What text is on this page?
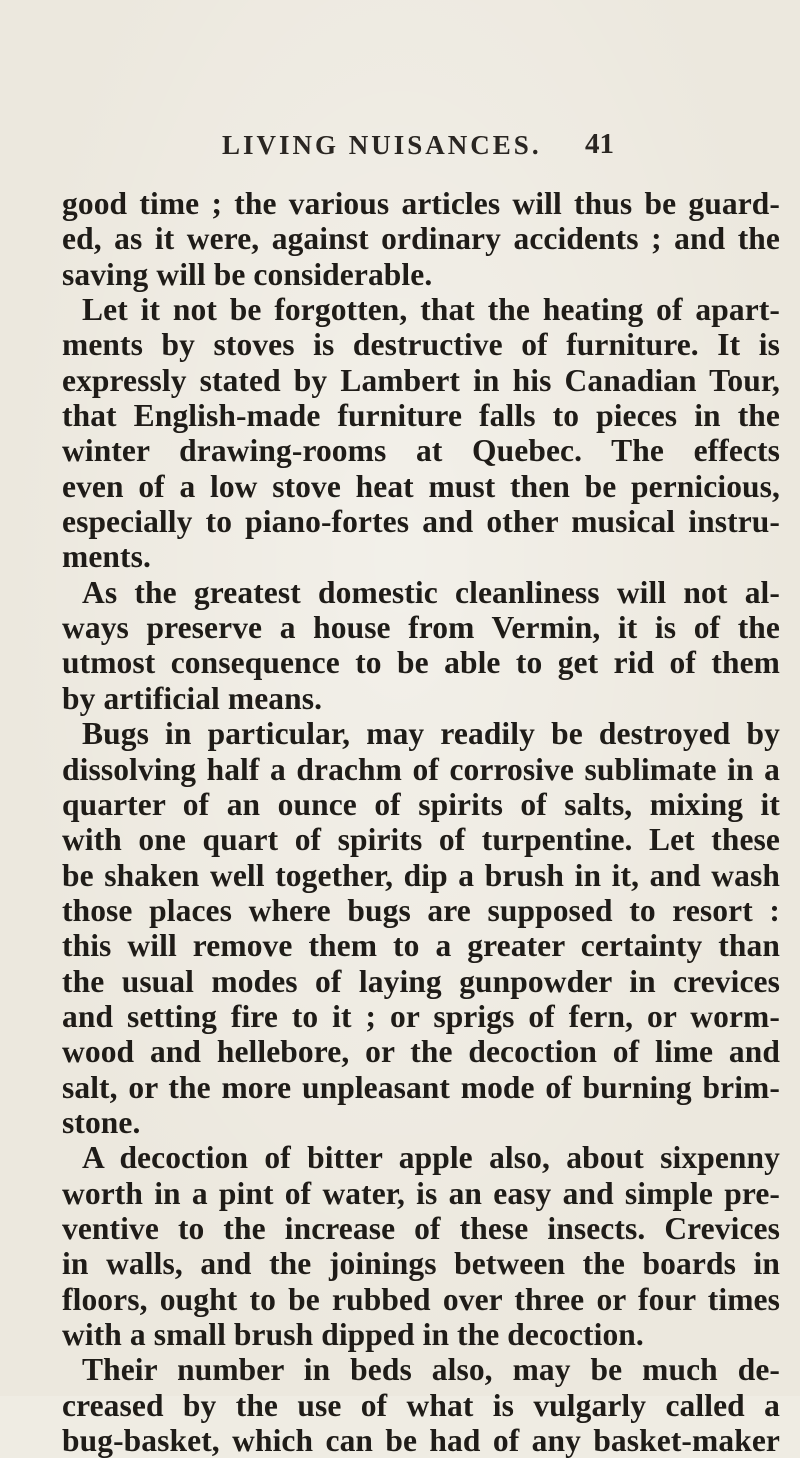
LIVING NUISANCES. 41
good time ; the various articles will thus be guard-
ed, as it were, against ordinary accidents ; and the
saving will be considerable.
Let it not be forgotten, that the heating of apart-
ments by stoves is destructive of furniture. It is
expressly stated by Lambert in his Canadian Tour,
that English-made furniture falls to pieces in the
winter drawing-rooms at Quebec. The effects
even of a low stove heat must then be pernicious,
especially to piano-fortes and other musical instru-
ments.
As the greatest domestic cleanliness will not al-
ways preserve a house from Vermin, it is of the
utmost consequence to be able to get rid of them
by artificial means.
Bugs in particular, may readily be destroyed by
dissolving half a drachm of corrosive sublimate in a
quarter of an ounce of spirits of salts, mixing it
with one quart of spirits of turpentine. Let these
be shaken well together, dip a brush in it, and wash
those places where bugs are supposed to resort :
this will remove them to a greater certainty than
the usual modes of laying gunpowder in crevices
and setting fire to it ; or sprigs of fern, or worm-
wood and hellebore, or the decoction of lime and
salt, or the more unpleasant mode of burning brim-
stone.
A decoction of bitter apple also, about sixpenny
worth in a pint of water, is an easy and simple pre-
ventive to the increase of these insects. Crevices
in walls, and the joinings between the boards in
floors, ought to be rubbed over three or four times
with a small brush dipped in the decoction.
Their number in beds also, may be much de-
creased by the use of what is vulgarly called a
bug-basket, which can be had of any basket-maker
